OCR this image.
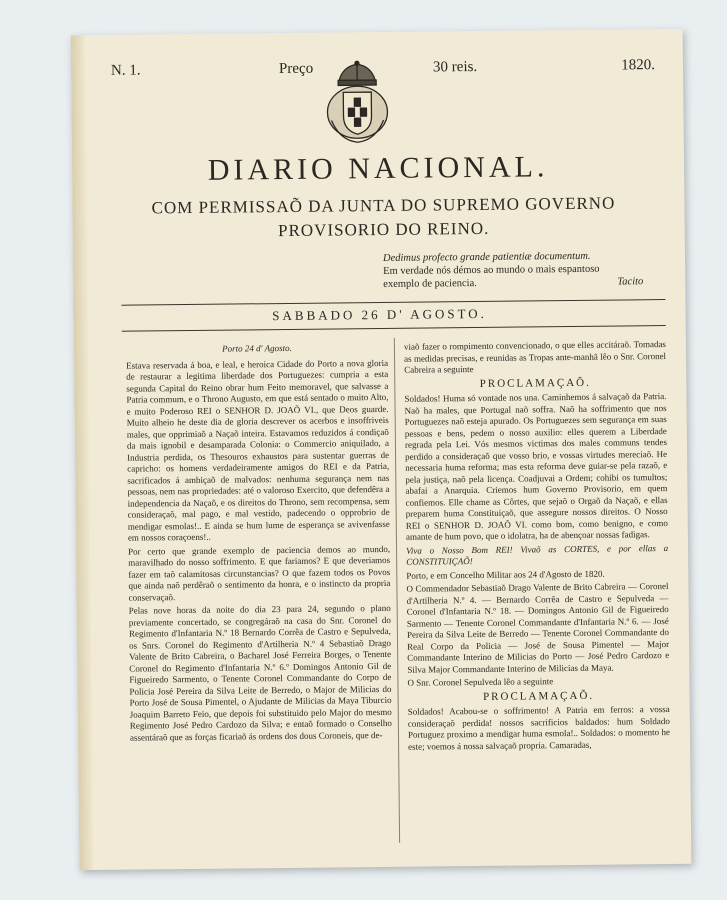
N. 1.	Preço	30 reis.	1820.
DIARIO NACIONAL.
COM PERMISSAÕ DA JUNTA DO SUPREMO GOVERNO
PROVISORIO DO REINO.
Dedimus profecto grande patientiæ documentum.
Em verdade nós démos ao mundo o mais espantoso
exemplo de paciencia.	Tacito
SABBADO 26 D' AGOSTO.

Porto 24 d' Agosto.

Estava reservada á boa, e leal, e heroica Cidade do Porto a nova gloria de restaurar a legitima liberdade dos Portuguezes: cumpria a esta segunda Capital do Reino obrar hum Feito memoravel, que salvasse a Patria commum, e o Throno Augusto, em que está sentado o muito Alto, e muito Poderoso REI o SENHOR D. JOAÕ VI., que Deos guarde. Muito alheio he deste dia de gloria descrever os acerbos e insoffriveis males, que opprimiaõ a Naçaõ inteira. Estavamos reduzidos á condiçaõ da mais ignobil e desamparada Colonia: o Commercio aniquilado, a Industria perdida, os Thesouros exhaustos para sustentar guerras de capricho: os homens verdadeiramente amigos do REI e da Patria, sacrificados á ambiçaõ de malvados: nenhuma segurança nem nas pessoas, nem nas propriedades: até o valoroso Exercito, que defendêra a independencia da Naçaõ, e os direitos do Throno, sem recompensa, sem consideraçaõ, mal pago, e mal vestido, padecendo o opprobrio de mendigar esmolas!.. E ainda se hum lume de esperança se avivenfasse em nossos coraçoens!..

Por certo que grande exemplo de paciencia demos ao mundo, maravilhado do nosso soffrimento. E que fariamos? E que deveriamos fazer em taõ calamitosas circunstancias? O que fazem todos os Povos que ainda naõ perdêraõ o sentimento da honra, e o instincto da propria conservaçaõ.

Pelas nove horas da noite do dia 23 para 24, segundo o plano previamente concertado, se congregáraõ na casa do Snr. Coronel do Regimento d'Infantaria N.º 18 Bernardo Corrêa de Castro e Sepulveda, os Snrs. Coronel do Regimento d'Artilheria N.º 4 Sebastiaõ Drago Valente de Brito Cabreira, o Bacharel José Ferreira Borges, o Tenente Coronel do Regimento d'Infantaria N.º 6.º Domingos Antonio Gil de Figueiredo Sarmento, o Tenente Coronel Commandante do Corpo de Policia José Pereira da Silva Leite de Berredo, o Major de Milicias do Porto José de Sousa Pimentel, o Ajudante de Milicias da Maya Tiburcio Joaquim Barreto Feio, que depois foi substituido pelo Major do mesmo Regimento José Pedro Cardozo da Silva; e entaõ formado o Conselho assentáraõ que as forças ficariaõ ás ordens dos dous Coroneis, que de-

viaõ fazer o rompimento convencionado, o que elles accitáraõ. Tomadas as medidas precisas, e reunidas as Tropas ante-manhã lêo o Snr. Coronel Cabreira a seguinte

PROCLAMAÇAÕ.

Soldados! Huma só vontade nos una. Caminhemos á salvaçaõ da Patria. Naõ ha males, que Portugal naõ soffra. Naõ ha soffrimento que nos Portuguezes naõ esteja apurado. Os Portuguezes sem segurança em suas pessoas e bens, pedem o nosso auxilio: elles querem a Liberdade regrada pela Lei. Vós mesmos victimas dos males communs tendes perdido a consideraçaõ que vosso brio, e vossas virtudes mereciaõ. He necessaria huma reforma; mas esta reforma deve guiar-se pela razaõ, e pela justiça, naõ pela licença. Coadjuvai a Ordem; cohibi os tumultos; abafai a Anarquia. Criemos hum Governo Provisorio, em quem confiemos. Elle chame as Côrtes, que sejaõ o Orgaõ da Naçaõ, e ellas preparem huma Constituiçaõ, que assegure nossos direitos. O Nosso REI o SENHOR D. JOAÕ VI. como bom, como benigno, e como amante de hum povo, que o idolatra, ha de abençoar nossas fadigas.

Viva o Nosso Bom REI! Vivaõ as CORTES, e por ellas a CONSTITUIÇAÕ!

Porto, e em Concelho Militar aos 24 d'Agosto de 1820.

O Commendador Sebastiaõ Drago Valente de Brito Cabreira — Coronel d'Artilheria N.º 4. — Bernardo Corrêa de Castro e Sepulveda — Coronel d'Infantaria N.º 18. — Domingos Antonio Gil de Figueiredo Sarmento — Tenente Coronel Commandante d'Infantaria N.º 6. — José Pereira da Silva Leite de Berredo — Tenente Coronel Commandante do Real Corpo da Policia — José de Sousa Pimentel — Major Commandante Interino de Milicias do Porto — José Pedro Cardozo e Silva Major Commandante Interino de Milicias da Maya.

O Snr. Coronel Sepulveda lêo a seguinte

PROCLAMAÇAÕ.

Soldados! Acabou-se o soffrimento! A Patria em ferros: a vossa consideraçaõ perdida! nossos sacrificios baldados: hum Soldado Portuguez proximo a mendigar huma esmola!.. Soldados: o momento he este; voemos á nossa salvaçaõ propria. Camaradas,
